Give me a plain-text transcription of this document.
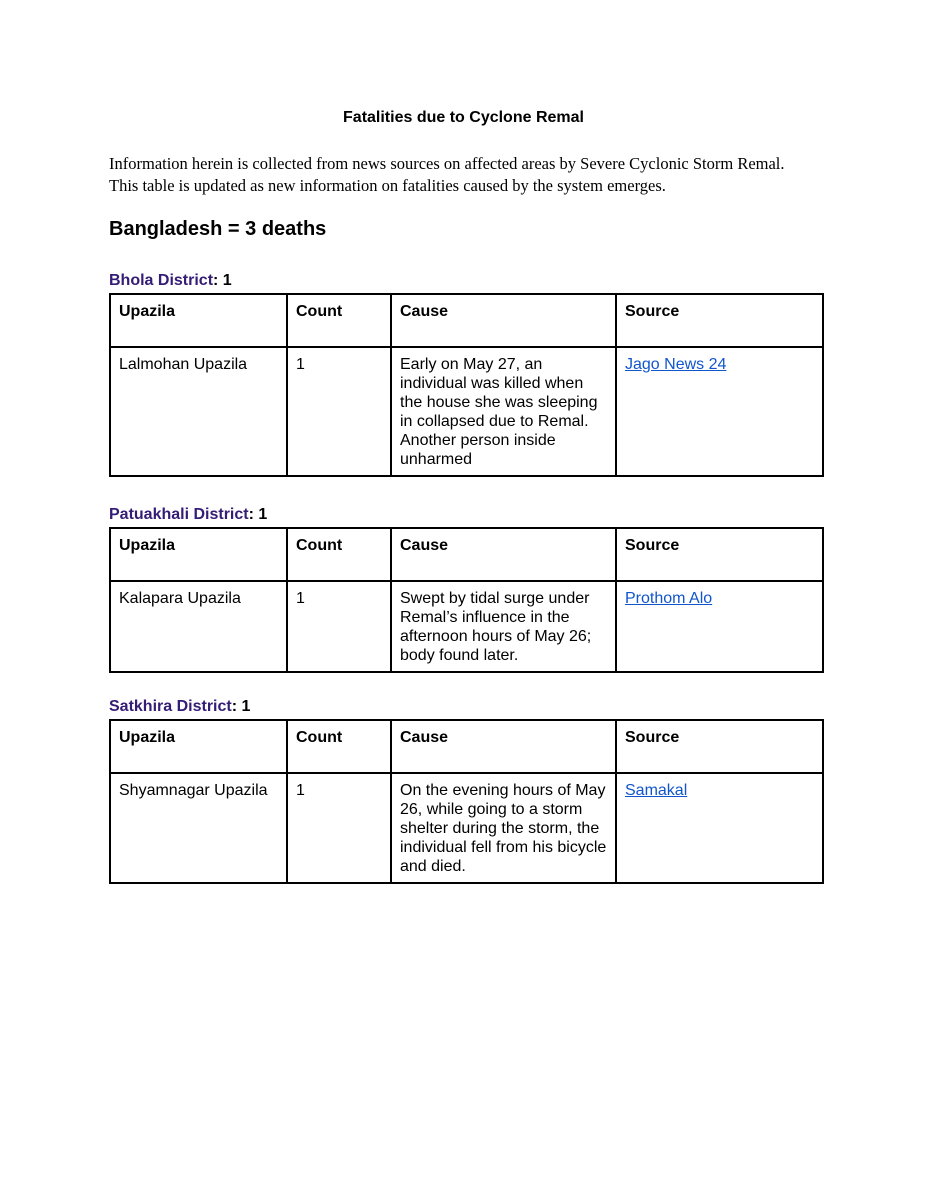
Fatalities due to Cyclone Remal

Information herein is collected from news sources on affected areas by Severe Cyclonic Storm Remal.

This table is updated as new information on fatalities caused by the system emerges.

Bangladesh = 3 deaths
Bhola District: 1
Upazila	Count	Cause	Source
Lalmohan Upazila	1	Early on May 27, an individual was killed when the house she was sleeping in collapsed due to Remal. Another person inside unharmed	Jago News 24
Patuakhali District: 1
Upazila	Count	Cause	Source
Kalapara Upazila	1	Swept by tidal surge under Remal’s influence in the afternoon hours of May 26; body found later.	Prothom Alo
Satkhira District: 1
Upazila	Count	Cause	Source
Shyamnagar Upazila	1	On the evening hours of May 26, while going to a storm shelter during the storm, the individual fell from his bicycle and died.	Samakal
